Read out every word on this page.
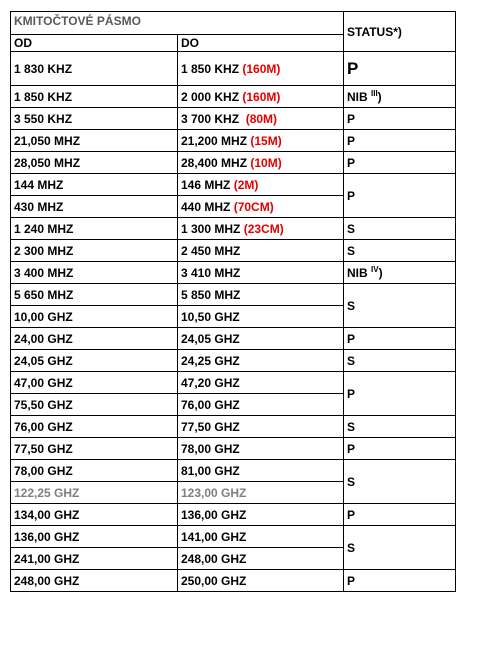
KMITOČTOVÉ PÁSMO		STATUS*)
OD	DO	
1 830 KHZ	1 850 KHZ (160M)	P
1 850 KHZ	2 000 KHZ (160M)	NIB $^{III}$)
3 550 KHZ	3 700 KHZ (80M)	P
21,050 MHZ	21,200 MHZ (15M)	P
28,050 MHZ	28,400 MHZ (10M)	P
144 MHZ	146 MHZ (2M)	P
430 MHZ	440 MHZ (70CM)	
1 240 MHZ	1 300 MHZ (23CM)	S
2 300 MHZ	2 450 MHZ	S
3 400 MHZ	3 410 MHZ	NIB $^{IV}$)
5 650 MHZ	5 850 MHZ	S
10,00 GHZ	10,50 GHZ	
24,00 GHZ	24,05 GHZ	P
24,05 GHZ	24,25 GHZ	S
47,00 GHZ	47,20 GHZ	P
75,50 GHZ	76,00 GHZ	
76,00 GHZ	77,50 GHZ	S
77,50 GHZ	78,00 GHZ	P
78,00 GHZ	81,00 GHZ	S
122,25 GHZ	123,00 GHZ	
134,00 GHZ	136,00 GHZ	P
136,00 GHZ	141,00 GHZ	S
241,00 GHZ	248,00 GHZ	
248,00 GHZ	250,00 GHZ	P
